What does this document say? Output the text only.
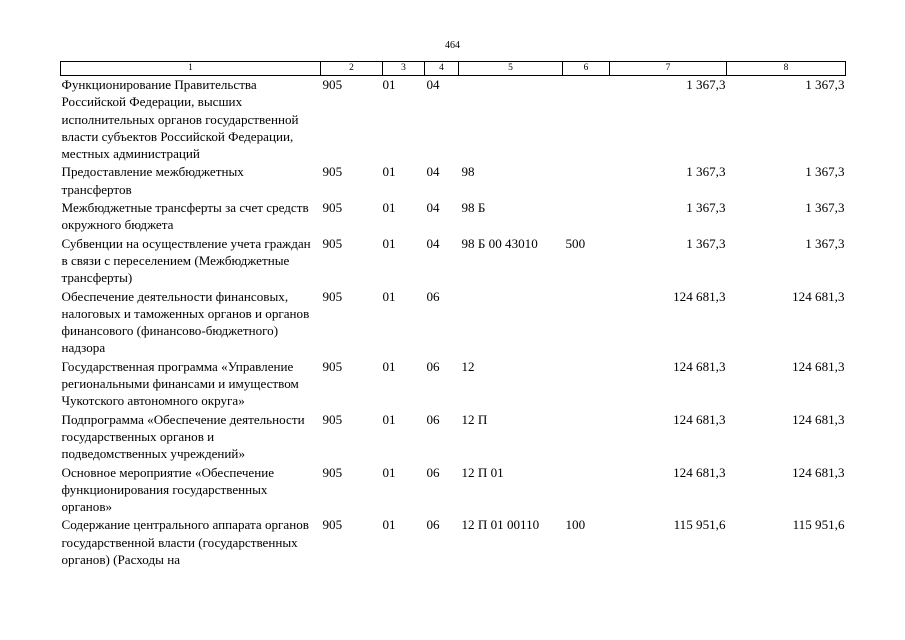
464
1	2	3	4	5	6	7	8
Функционирование Правительства Российской Федерации, высших исполнительных органов государственной власти субъектов Российской Федерации, местных администраций	905	01	04			1 367,3	1 367,3
Предоставление межбюджетных трансфертов	905	01	04	98		1 367,3	1 367,3
Межбюджетные трансферты за счет средств окружного бюджета	905	01	04	98 Б		1 367,3	1 367,3
Субвенции на осуществление учета граждан в связи с переселением (Межбюджетные трансферты)	905	01	04	98 Б 00 43010	500	1 367,3	1 367,3
Обеспечение деятельности финансовых, налоговых и таможенных органов и органов финансового (финансово-бюджетного) надзора	905	01	06			124 681,3	124 681,3
Государственная программа «Управление региональными финансами и имуществом Чукотского автономного округа»	905	01	06	12		124 681,3	124 681,3
Подпрограмма «Обеспечение деятельности государственных органов и подведомственных учреждений»	905	01	06	12 П		124 681,3	124 681,3
Основное мероприятие «Обеспечение функционирования государственных органов»	905	01	06	12 П 01		124 681,3	124 681,3
Содержание центрального аппарата органов государственной власти (государственных органов) (Расходы на	905	01	06	12 П 01 00110	100	115 951,6	115 951,6
